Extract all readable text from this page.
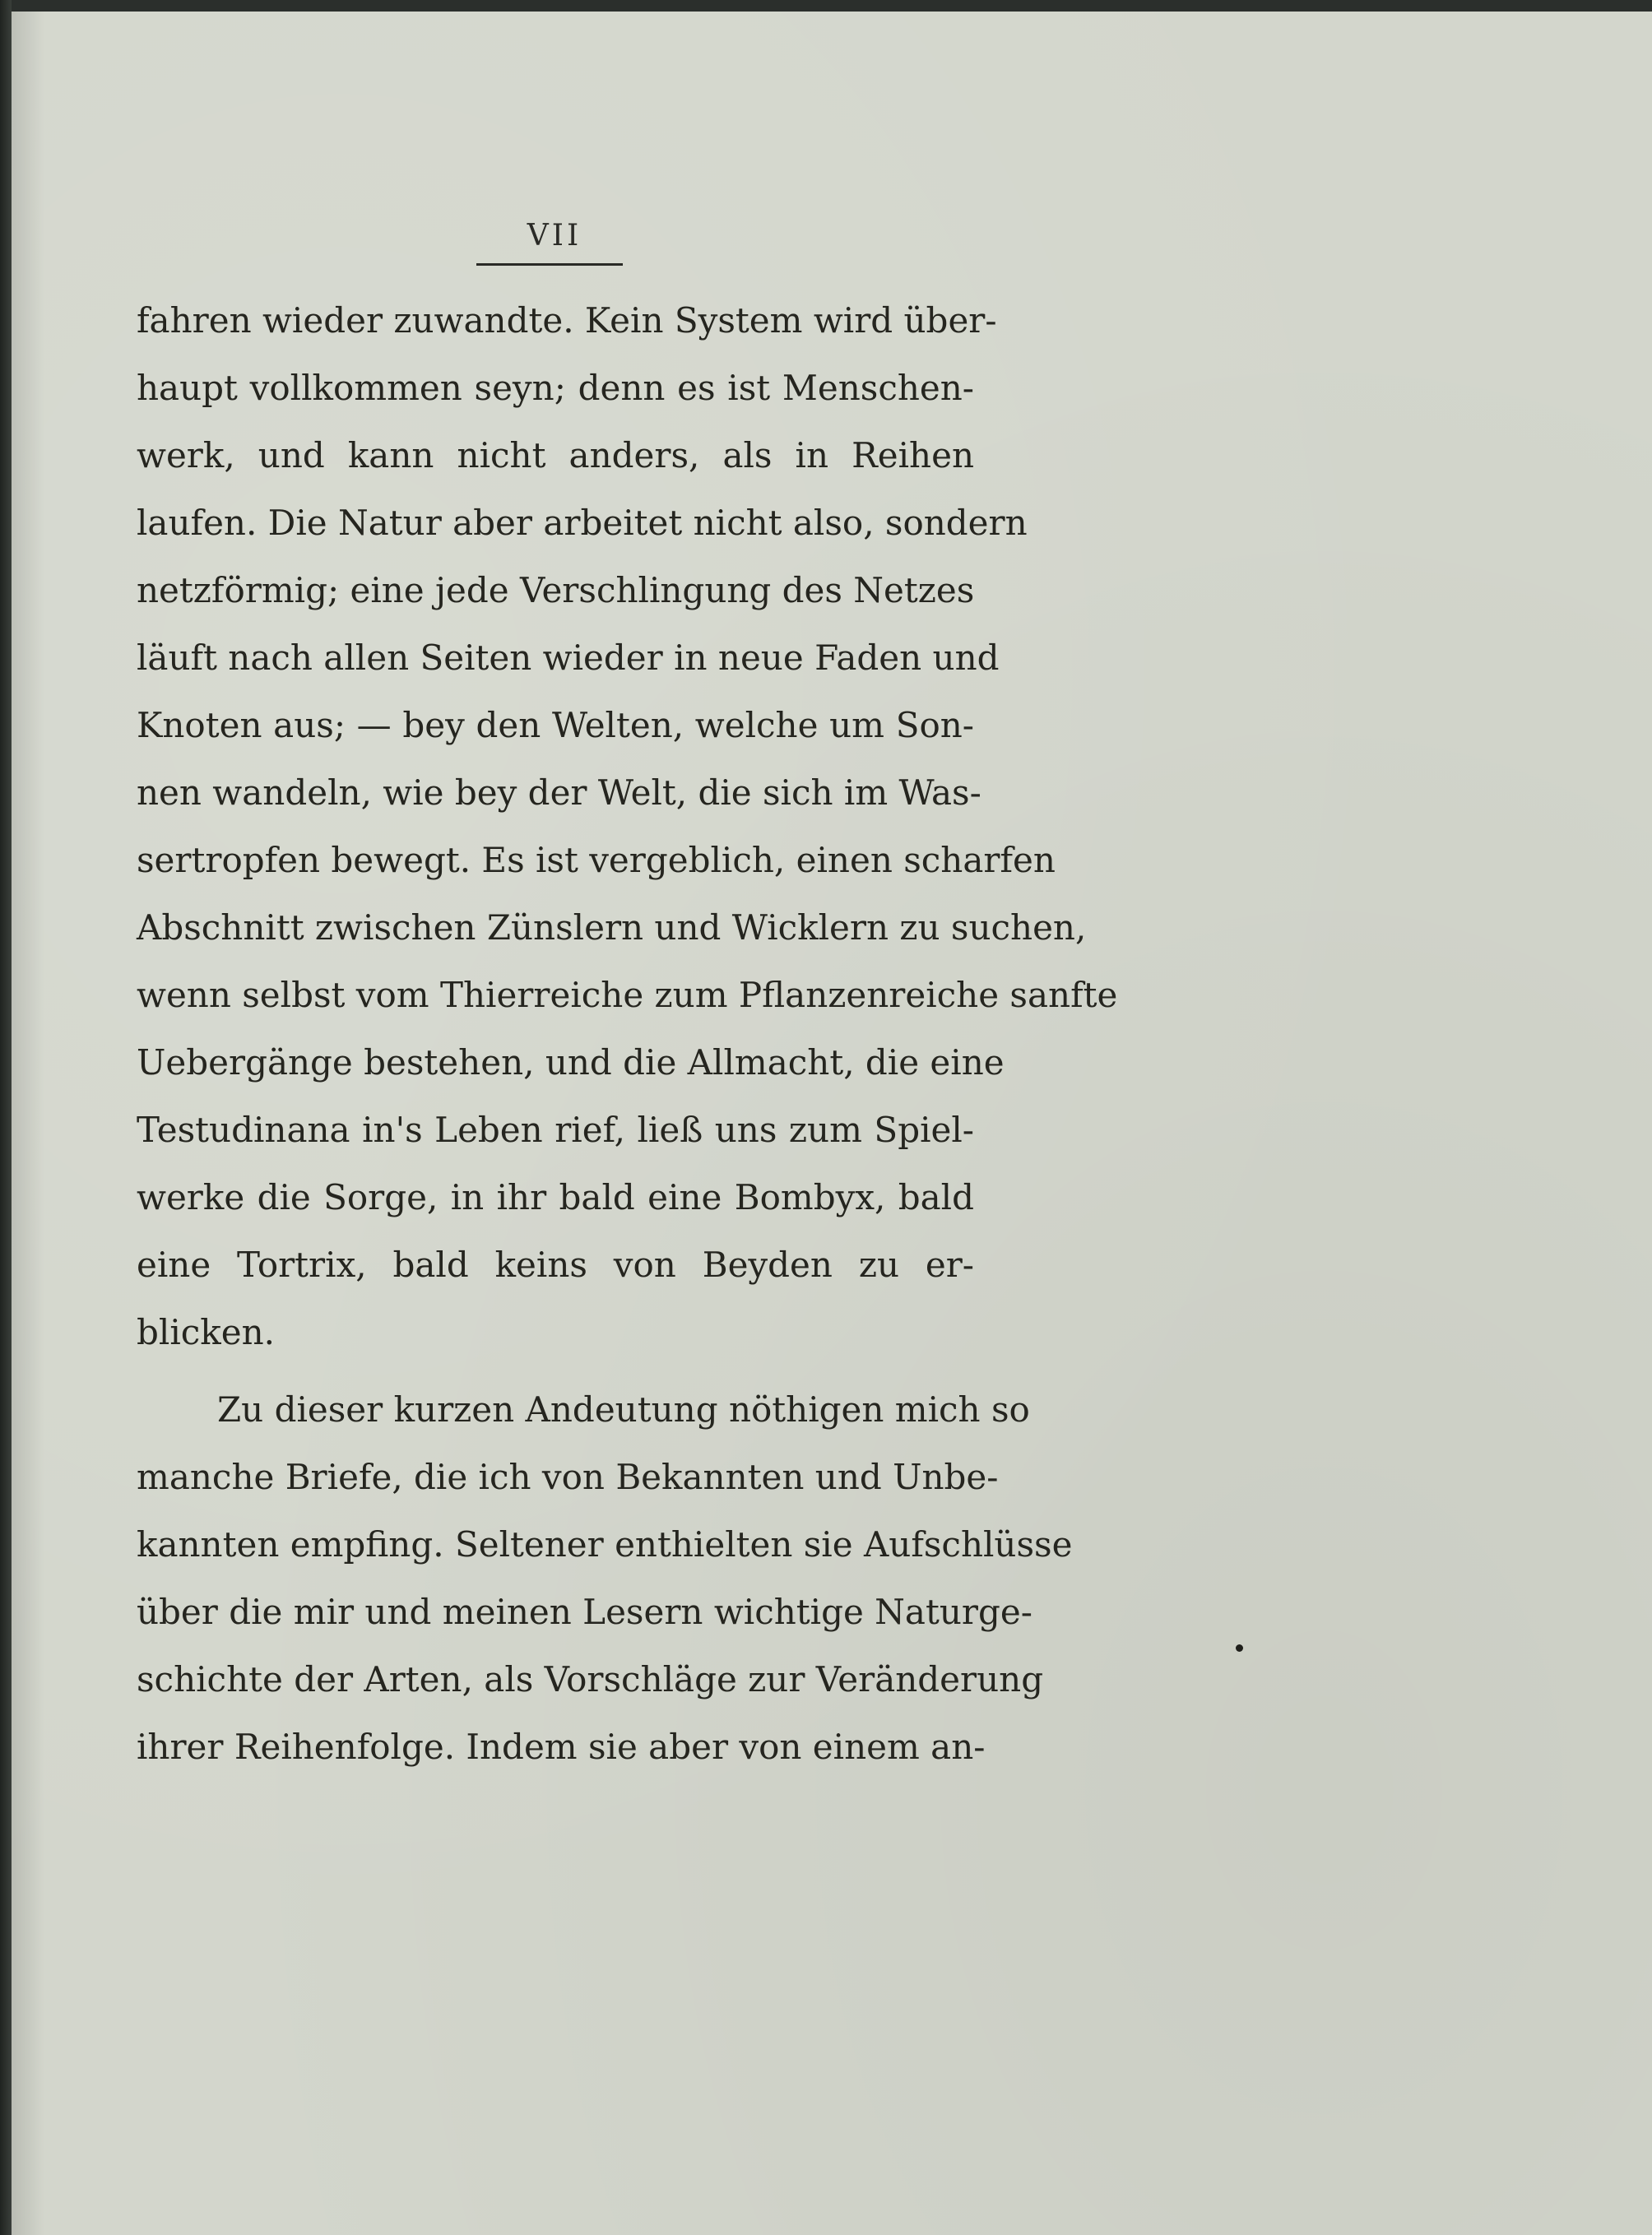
VII
fahren wieder zuwandte. Kein System wird über-
haupt vollkommen seyn; denn es ist Menschen-
werk, und kann nicht anders, als in Reihen
laufen. Die Natur aber arbeitet nicht also, sondern
netzförmig; eine jede Verschlingung des Netzes
läuft nach allen Seiten wieder in neue Faden und
Knoten aus; — bey den Welten, welche um Son-
nen wandeln, wie bey der Welt, die sich im Was-
sertropfen bewegt. Es ist vergeblich, einen scharfen
Abschnitt zwischen Zünslern und Wicklern zu suchen,
wenn selbst vom Thierreiche zum Pflanzenreiche sanfte
Uebergänge bestehen, und die Allmacht, die eine
Testudinana in's Leben rief, ließ uns zum Spiel-
werke die Sorge, in ihr bald eine Bombyx, bald
eine Tortrix, bald keins von Beyden zu er-
blicken.
Zu dieser kurzen Andeutung nöthigen mich so
manche Briefe, die ich von Bekannten und Unbe-
kannten empfing. Seltener enthielten sie Aufschlüsse
über die mir und meinen Lesern wichtige Naturge-
schichte der Arten, als Vorschläge zur Veränderung
ihrer Reihenfolge. Indem sie aber von einem an-
